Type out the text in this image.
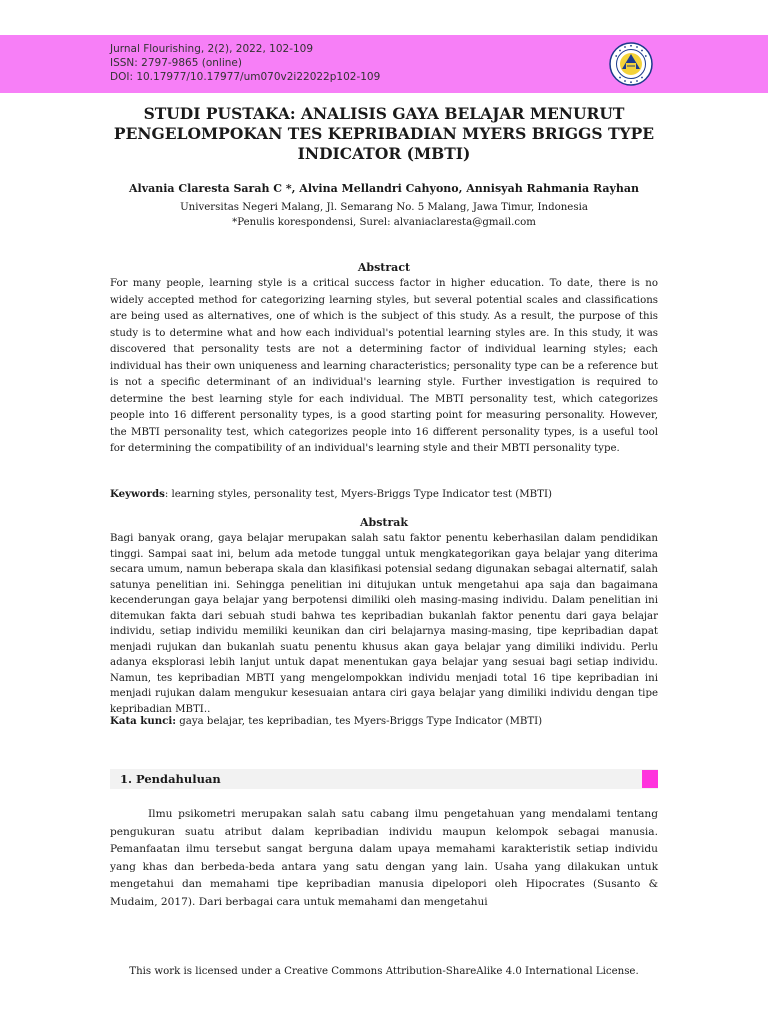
Jurnal Flourishing, 2(2), 2022, 102-109
ISSN: 2797-9865 (online)
DOI: 10.17977/10.17977/um070v2i22022p102-109
STUDI PUSTAKA: ANALISIS GAYA BELAJAR MENURUT PENGELOMPOKAN TES KEPRIBADIAN MYERS BRIGGS TYPE INDICATOR (MBTI)
Alvania Claresta Sarah C *, Alvina Mellandri Cahyono, Annisyah Rahmania Rayhan
Universitas Negeri Malang, Jl. Semarang No. 5 Malang, Jawa Timur, Indonesia
*Penulis korespondensi, Surel: alvaniaclaresta@gmail.com
Abstract

For many people, learning style is a critical success factor in higher education. To date, there is no widely accepted method for categorizing learning styles, but several potential scales and classifications are being used as alternatives, one of which is the subject of this study. As a result, the purpose of this study is to determine what and how each individual's potential learning styles are. In this study, it was discovered that personality tests are not a determining factor of individual learning styles; each individual has their own uniqueness and learning characteristics; personality type can be a reference but is not a specific determinant of an individual's learning style. Further investigation is required to determine the best learning style for each individual. The MBTI personality test, which categorizes people into 16 different personality types, is a good starting point for measuring personality. However, the MBTI personality test, which categorizes people into 16 different personality types, is a useful tool for determining the compatibility of an individual's learning style and their MBTI personality type.

Keywords: learning styles, personality test, Myers-Briggs Type Indicator test (MBTI)
Abstrak

Bagi banyak orang, gaya belajar merupakan salah satu faktor penentu keberhasilan dalam pendidikan tinggi. Sampai saat ini, belum ada metode tunggal untuk mengkategorikan gaya belajar yang diterima secara umum, namun beberapa skala dan klasifikasi potensial sedang digunakan sebagai alternatif, salah satunya penelitian ini. Sehingga penelitian ini ditujukan untuk mengetahui apa saja dan bagaimana kecenderungan gaya belajar yang berpotensi dimiliki oleh masing-masing individu. Dalam penelitian ini ditemukan fakta dari sebuah studi bahwa tes kepribadian bukanlah faktor penentu dari gaya belajar individu, setiap individu memiliki keunikan dan ciri belajarnya masing-masing, tipe kepribadian dapat menjadi rujukan dan bukanlah suatu penentu khusus akan gaya belajar yang dimiliki individu. Perlu adanya eksplorasi lebih lanjut untuk dapat menentukan gaya belajar yang sesuai bagi setiap individu. Namun, tes kepribadian MBTI yang mengelompokkan individu menjadi total 16 tipe kepribadian ini menjadi rujukan dalam mengukur kesesuaian antara ciri gaya belajar yang dimiliki individu dengan tipe kepribadian MBTI..

Kata kunci: gaya belajar, tes kepribadian, tes Myers-Briggs Type Indicator (MBTI)
1. Pendahuluan

Ilmu psikometri merupakan salah satu cabang ilmu pengetahuan yang mendalami tentang pengukuran suatu atribut dalam kepribadian individu maupun kelompok sebagai manusia. Pemanfaatan ilmu tersebut sangat berguna dalam upaya memahami karakteristik setiap individu yang khas dan berbeda-beda antara yang satu dengan yang lain. Usaha yang dilakukan untuk mengetahui dan memahami tipe kepribadian manusia dipelopori oleh Hipocrates (Susanto & Mudaim, 2017). Dari berbagai cara untuk memahami dan mengetahui

This work is licensed under a Creative Commons Attribution-ShareAlike 4.0 International License.
